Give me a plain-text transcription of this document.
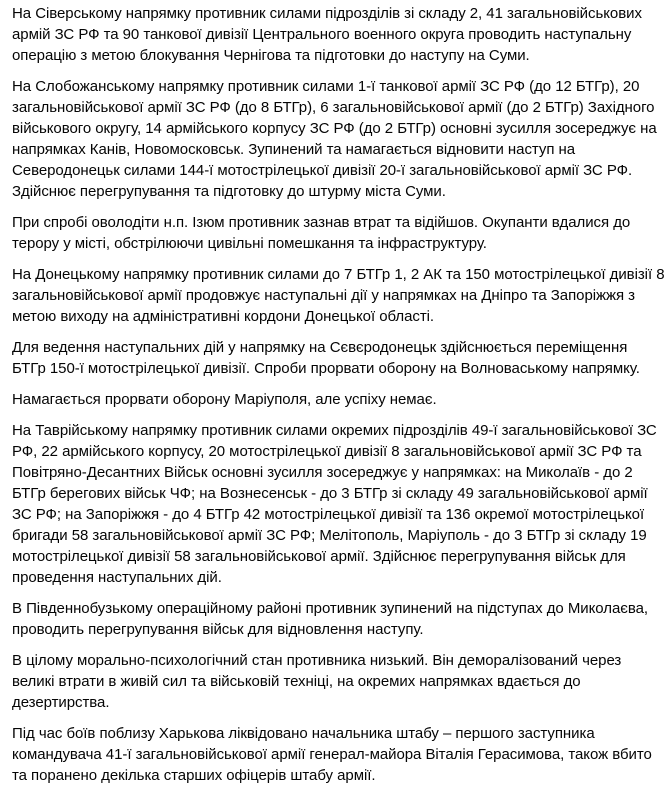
На Сіверському напрямку противник силами підрозділів зі складу 2, 41 загальновійськових армій ЗС РФ та 90 танкової дивізії Центрального военного округа проводить наступальну операцію з метою блокування Чернігова та підготовки до наступу на Суми.

На Слобожанському напрямку противник силами 1-ї танкової армії ЗС РФ (до 12 БТГр), 20 загальновійськової армії ЗС РФ (до 8 БТГр), 6 загальновійськової армії (до 2 БТГр) Західного військового округу, 14 армійського корпусу ЗС РФ (до 2 БТГр) основні зусилля зосереджує на напрямках Канів, Новомосковськ. Зупинений та намагається відновити наступ на Северодонецьк силами 144-ї мотострілецької дивізії 20-ї загальновійськової армії ЗС РФ. Здійснює перегрупування та підготовку до штурму міста Суми.

При спробі оволодіти н.п. Ізюм противник зазнав втрат та відійшов. Окупанти вдалися до терору у місті, обстрілюючи цивільні помешкання та інфраструктуру.

На Донецькому напрямку противник силами до 7 БТГр 1, 2 АК та 150 мотострілецької дивізії 8 загальновійськової армії продовжує наступальні дії у напрямках на Дніпро та Запоріжжя з метою виходу на адміністративні кордони Донецької області.

Для ведення наступальних дій у напрямку на Сєвєродонецьк здійснюється переміщення БТГр 150-ї мотострілецької дивізії. Спроби прорвати оборону на Волноваському напрямку.

Намагається прорвати оборону Маріуполя, але успіху немає.

На Таврійському напрямку противник силами окремих підрозділів 49-ї загальновійськової ЗС РФ, 22 армійського корпусу, 20 мотострілецької дивізії 8 загальновійськової армії ЗС РФ та Повітряно-Десантних Військ основні зусилля зосереджує у напрямках: на Миколаїв - до 2 БТГр берегових військ ЧФ; на Вознесенськ - до 3 БТГр зі складу 49 загальновійськової армії ЗС РФ; на Запоріжжя - до 4 БТГр 42 мотострілецької дивізії та 136 окремої мотострілецької бригади 58 загальновійськової армії ЗС РФ; Мелітополь, Маріуполь - до 3 БТГр зі складу 19 мотострілецької дивізії 58 загальновійськової армії. Здійснює перегрупування військ для проведення наступальних дій.

В Південнобузькому операційному районі противник зупинений на підступах до Миколаєва, проводить перегрупування військ для відновлення наступу.

В цілому морально-психологічний стан противника низький. Він деморалізований через великі втрати в живій сил та військовій техніці, на окремих напрямках вдається до дезертирства.

Під час боїв поблизу Харькова ліквідовано начальника штабу – першого заступника командувача 41-ї загальновійськової армії генерал-майора Віталія Герасимова, також вбито та поранено декілька старших офіцерів штабу армії.
